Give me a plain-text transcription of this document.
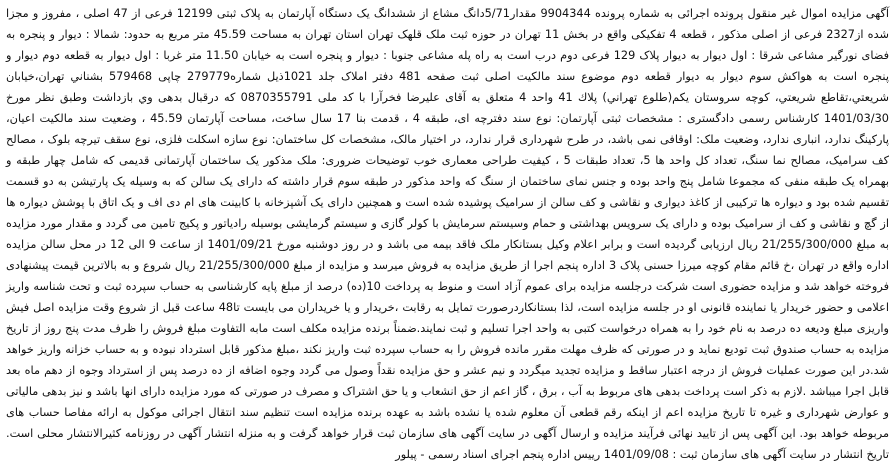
آگهی مزایده اموال غیر منقول پرونده اجرائی به شماره پرونده 9904344 مقدار5/71دانگ مشاع از ششدانگ یک دستگاه آپارتمان به پلاک ثبتی 12199 فرعی از 47 اصلی ، مفروز و مجزا شده از2327 فرعی از اصلی مذکور ، قطعه 4 تفکیکی واقع در بخش 11 تهران در حوزه ثبت ملک قلهک تهران استان تهران به مساحت 45.59 متر مربع به حدود: شمالا : دیوار و پنجره به فضای نورگیر مشاعی شرقا : اول دیوار به دیوار پلاک 129 فرعی دوم درب است به راه پله مشاعی جنوبا : دیوار و پنجره است به خیابان 11.50 متر غربا : اول دیوار به قطعه دوم دیوار و پنجره است به هواکش سوم دیوار به دیوار قطعه دوم موضوع سند مالکیت اصلی ثبت صفحه 481 دفتر املاک جلد 1021ذیل شماره279779 چاپی 579468 بشناني تهران،خيابان شريعتي،تقاطع شريعتي، كوچه سروستان يكم(طلوع تهراني) پلاك 41 واحد 4 متعلق به آقای عليرضا فخرآرا با كد ملی 0870355791 كه درقبال بدهی وي بازداشت وطبق نظر مورخ 1401/03/30 كارشناس رسمی دادگستری : مشخصات ثبتی آپارتمان: نوع سند دفترچه ای، طبقه 4 ، قدمت بنا 17 سال ساخت، مساحت آپارتمان 45.59 ، وضعیت سند مالکیت اعیان، پارکینگ ندارد، انباری ندارد، وضعیت ملک: اوقافی نمی باشد، در طرح شهرداری قرار ندارد، در اختیار مالک، مشخصات کل ساختمان: نوع سازه اسکلت فلزی، نوع سقف تیرچه بلوک ، مصالح کف سرامیک، مصالح نما سنگ، تعداد کل واحد ها 5، تعداد طبقات 5 ، کیفیت طراحی معماری خوب توضیحات ضروری: ملک مذکور یک ساختمان آپارتمانی قدیمی که شامل چهار طبقه و بهمراه یک طبقه منفی که مجموعا شامل پنج واحد بوده و جنس نمای ساختمان از سنگ که واحد مذکور در طبقه سوم قرار داشته که دارای یک سالن که به وسیله یک پارتیشن به دو قسمت تقسیم شده بود و دیواره ها ترکیبی از کاغذ دیواری و نقاشی و کف سالن از سرامیک پوشیده شده است و همچنین دارای یک آشپزخانه با کابینت های ام دی اف و یک اتاق با پوشش دیواره ها از گچ و نقاشی و کف از سرامیک بوده و دارای یک سرویس بهداشتی و حمام وسیستم سرمایش با کولر گازی و سیستم گرمایشی بوسیله رادیاتور و پکیج تامین می گردد و مقدار مورد مزایده به مبلغ 21/255/300/000 ریال ارزیابی گردیده است و برابر اعلام وکیل بستانکار ملک فاقد بیمه می باشد و در روز دوشنبه مورخ 1401/09/21 از ساعت 9 الی 12 در محل سالن مزایده اداره واقع در تهران ،خ قائم مقام کوچه میرزا حسنی پلاک 3 اداره پنجم اجرا از طریق مزایده به فروش میرسد و مزایده از مبلغ 21/255/300/000 ریال شروع و به بالاترین قیمت پیشنهادی فروخته خواهد شد و مزایده حضوری است شرکت درجلسه مزایده برای عموم آزاد است و منوط به پرداخت 10(ده) درصد از مبلغ پایه کارشناسی به حساب سپرده ثبت و تحت شناسه واریز اعلامی و حضور خریدار یا نماینده قانونی او در جلسه مزایده است، لذا بستانکاردرصورت تمایل به رقابت ،خریدار و یا خریداران می بایست تا48 ساعت قبل از شروع وقت مزایده اصل فیش واریزی مبلغ ودیعه ده درصد به نام خود را به همراه درخواست کتبی به واحد اجرا تسلیم و ثبت نمایند.ضمناً برنده مزایده مکلف است مابه التفاوت مبلغ فروش را ظرف مدت پنج روز از تاریخ مزایده به حساب صندوق ثبت تودیع نماید و در صورتی که ظرف مهلت مقرر مانده فروش را به حساب سپرده ثبت واریز نکند ،مبلغ مذکور قابل استرداد نبوده و به حساب خزانه واریز خواهد شد.در این صورت عملیات فروش از درجه اعتبار ساقط و مزایده تجدید میگردد و نیم عشر و حق مزایده نقداً وصول می گردد وجوه اضافه از ده درصد پس از استرداد وجوه از دهم ماه بعد قابل اجرا میباشد .لازم به ذکر است پرداخت بدهی های مربوط به آب ، برق ، گاز اعم از حق انشعاب و یا حق اشتراک و مصرف در صورتی که مورد مزایده دارای انها باشد و نیز بدهی مالیاتی و عوارض شهرداری و غیره تا تاریخ مزایده اعم از اینکه رقم قطعی آن معلوم شده یا نشده باشد به عهده برنده مزایده است تنظیم سند انتقال اجرائی موکول به ارائه مفاصا حساب های مربوطه خواهد بود. این آگهی پس از تایید نهائی فرآیند مزایده و ارسال آگهی در سایت آگهی های سازمان ثبت قرار خواهد گرفت و به منزله انتشار آگهی در روزنامه کثیرالانتشار محلی است. تاریخ انتشار در سایت آگهی های سازمان ثبت : 1401/09/08 رییس اداره پنجم اجرای اسناد رسمی - پیلور
